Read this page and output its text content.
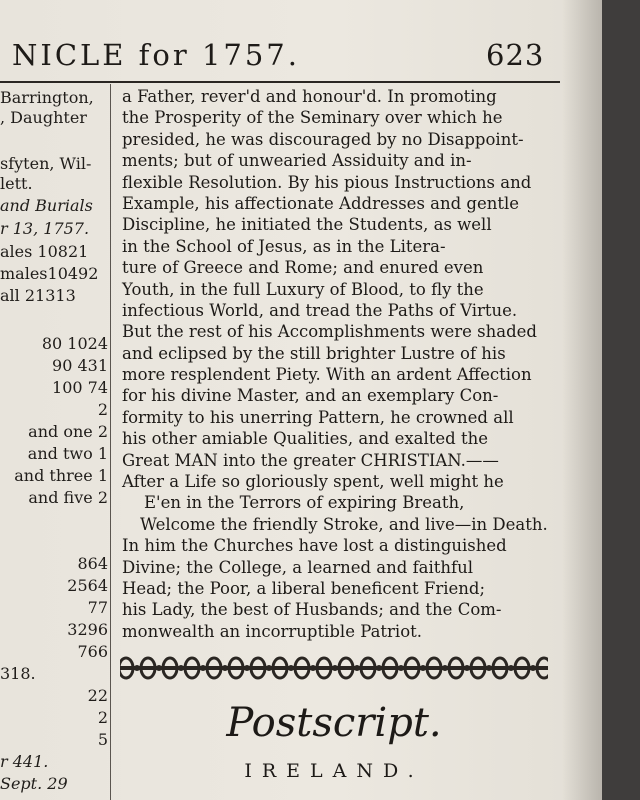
NICLE for 1757.	623
Barrington,
, Daughter
sfyten, Wil-
lett.
and Burials
r 13, 1757.
ales 10821
males10492
all 21313
80 1024
90 431
100 74
2
and one 2
and two 1
and three 1
and five 2
864
2564
77
3296
766
318.
22
2
5
r 441.
Sept. 29
a Father, rever'd and honour'd. In promoting
the Prosperity of the Seminary over which he
presided, he was discouraged by no Disappoint-
ments; but of unwearied Assiduity and in-
flexible Resolution. By his pious Instructions and
Example, his affectionate Addresses and gentle
Discipline, he initiated the Students, as well
in the School of Jesus, as in the Litera-
ture of Greece and Rome; and enured even
Youth, in the full Luxury of Blood, to fly the
infectious World, and tread the Paths of Virtue.
But the rest of his Accomplishments were shaded
and eclipsed by the still brighter Lustre of his
more resplendent Piety. With an ardent Affection
for his divine Master, and an exemplary Con-
formity to his unerring Pattern, he crowned all
his other amiable Qualities, and exalted the
Great MAN into the greater CHRISTIAN.——
After a Life so gloriously spent, well might he
E'en in the Terrors of expiring Breath,
Welcome the friendly Stroke, and live—in Death.
In him the Churches have lost a distinguished
Divine; the College, a learned and faithful
Head; the Poor, a liberal beneficent Friend;
his Lady, the best of Husbands; and the Com-
monwealth an incorruptible Patriot.
Postscript.
IRELAND.
